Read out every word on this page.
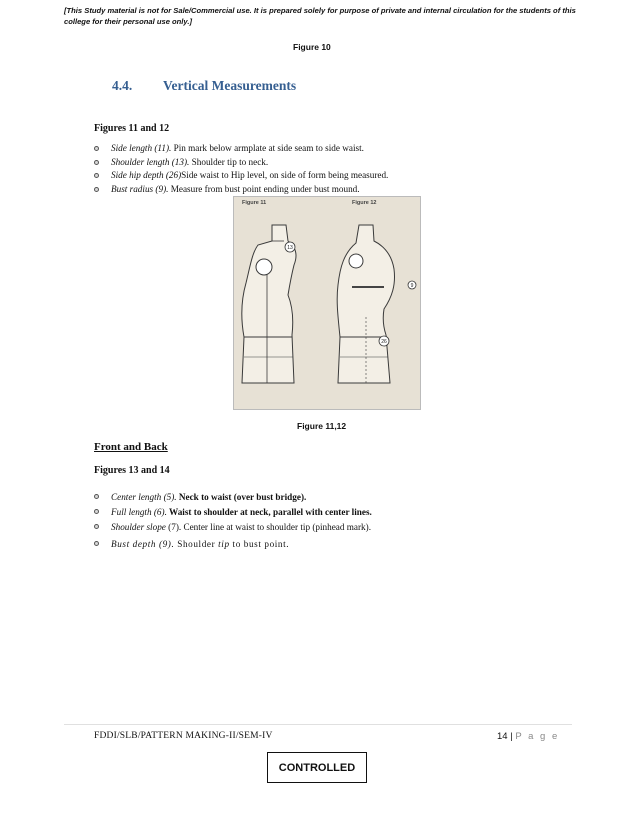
[This Study material is not for Sale/Commercial use. It is prepared solely for purpose of private and internal circulation for the students of this college for their personal use only.]
Figure 10
4.4. Vertical Measurements
Figures 11 and 12
Side length (11). Pin mark below armplate at side seam to side waist.
Shoulder length (13). Shoulder tip to neck.
Side hip depth (26)Side waist to Hip level, on side of form being measured.
Bust radius (9). Measure from bust point ending under bust mound.
Figure 11	Figure 12
13
9
26
Figure 11,12
Front and Back
Figures 13 and 14
Center length (5). Neck to waist (over bust bridge).
Full length (6). Waist to shoulder at neck, parallel with center lines.
Shoulder slope (7). Center line at waist to shoulder tip (pinhead mark).
Bust depth (9). Shoulder tip to bust point.
FDDI/SLB/PATTERN MAKING-II/SEM-IV	14 | P a g e
CONTROLLED
